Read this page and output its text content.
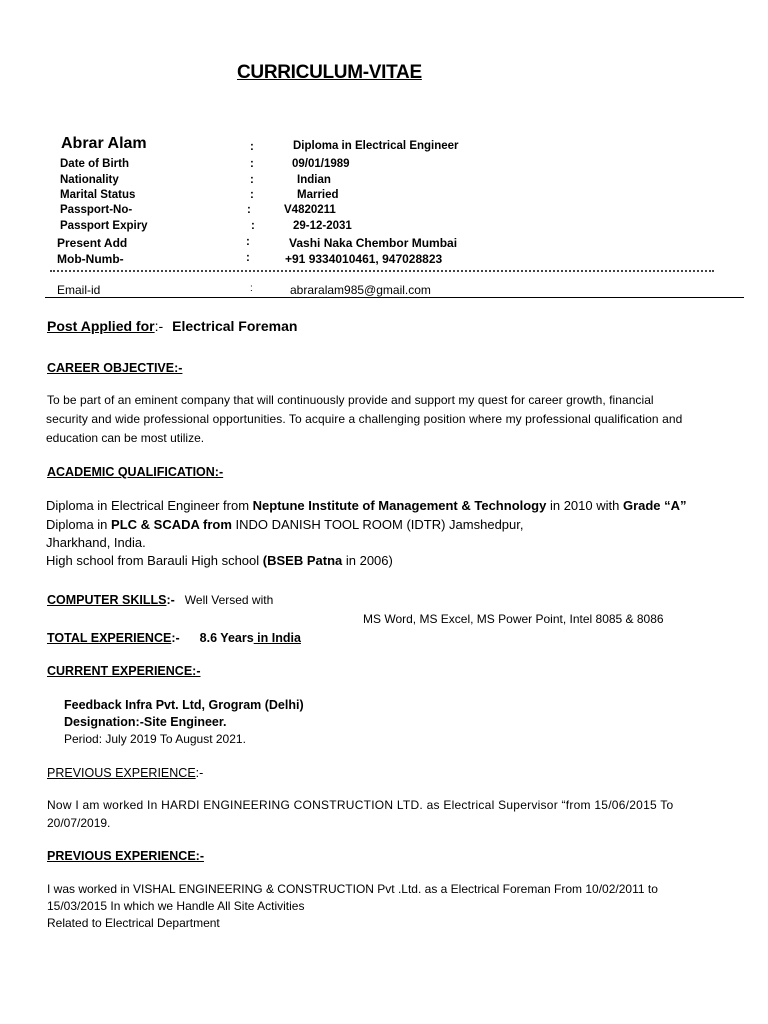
CURRICULUM-VITAE
Abrar Alam	:	Diploma in Electrical Engineer
Date of Birth	:	09/01/1989
Nationality	:	Indian
Marital Status	:	Married
Passport-No-	:	V4820211
Passport Expiry	:	29-12-2031
Present Add	:	Vashi Naka Chembor Mumbai
Mob-Numb-	:	+91 9334010461, 947028823
Email-id	:	abraralam985@gmail.com
Post Applied for:- Electrical Foreman
CAREER OBJECTIVE:-
To be part of an eminent company that will continuously provide and support my quest for career growth, financial
security and wide professional opportunities. To acquire a challenging position where my professional qualification and
education can be most utilize.
ACADEMIC QUALIFICATION:-
Diploma in Electrical Engineer from Neptune Institute of Management & Technology in 2010 with Grade “A”
Diploma in PLC & SCADA from INDO DANISH TOOL ROOM (IDTR) Jamshedpur,
Jharkhand, India.
High school from Barauli High school (BSEB Patna in 2006)
COMPUTER SKILLS:- Well Versed with
MS Word, MS Excel, MS Power Point, Intel 8085 & 8086
TOTAL EXPERIENCE:- 8.6 Years in India
CURRENT EXPERIENCE:-
Feedback Infra Pvt. Ltd, Grogram (Delhi)
Designation:-Site Engineer.
Period: July 2019 To August 2021.
PREVIOUS EXPERIENCE:-
Now I am worked In HARDI ENGINEERING CONSTRUCTION LTD. as Electrical Supervisor “from 15/06/2015 To
20/07/2019.
PREVIOUS EXPERIENCE:-
I was worked in VISHAL ENGINEERING & CONSTRUCTION Pvt .Ltd. as a Electrical Foreman From 10/02/2011 to
15/03/2015 In which we Handle All Site Activities
Related to Electrical Department
